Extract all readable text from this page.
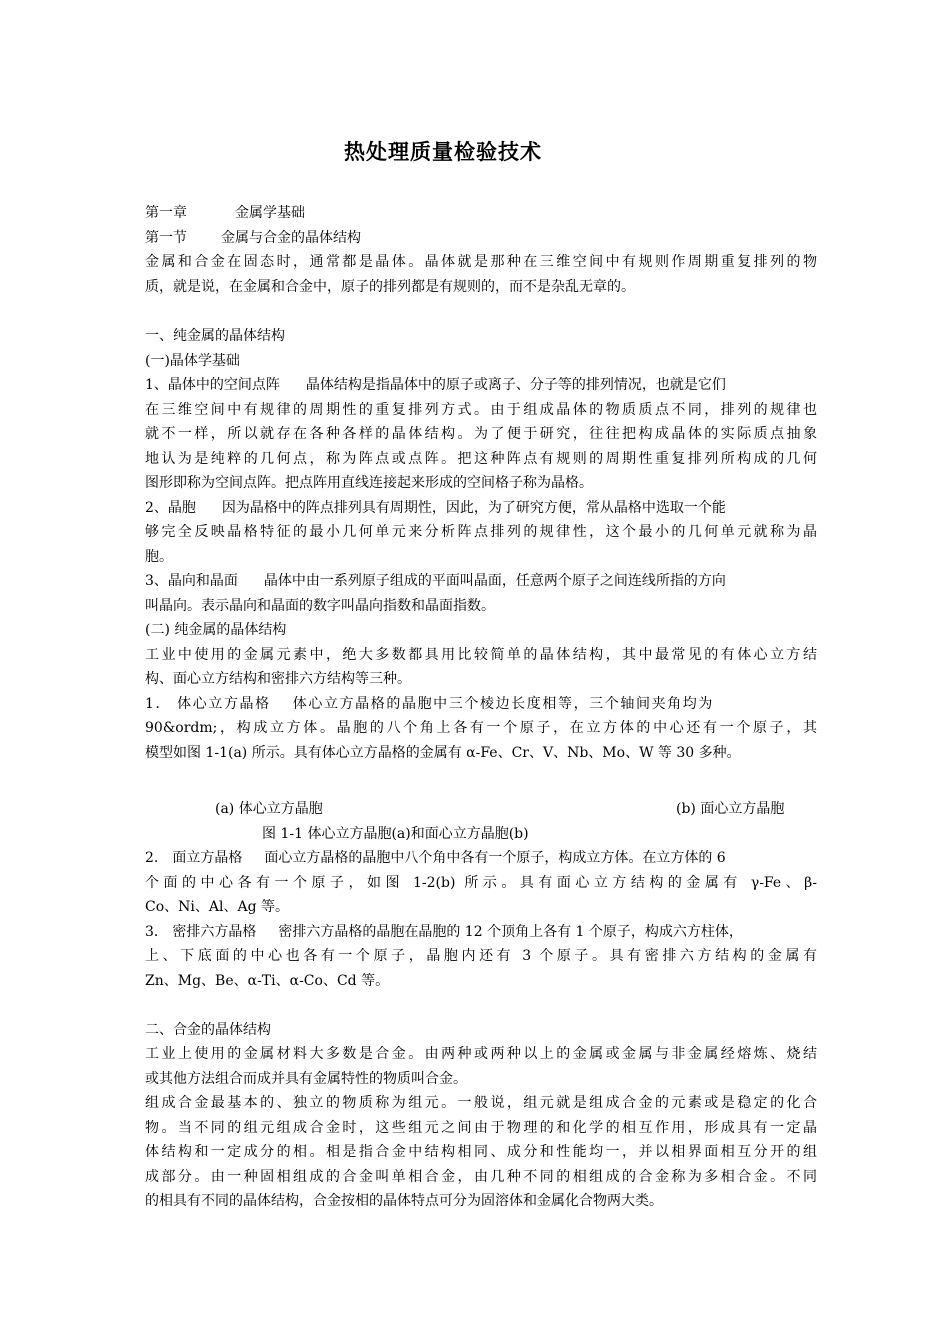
热处理质量检验技术
第一章	金属学基础
第一节 金属与合金的晶体结构
金属和合金在固态时，通常都是晶体。晶体就是那种在三维空间中有规则作周期重复排列的物
质，就是说，在金属和合金中，原子的排列都是有规则的，而不是杂乱无章的。
一、纯金属的晶体结构
(一)晶体学基础
1、晶体中的空间点阵 晶体结构是指晶体中的原子或离子、分子等的排列情况，也就是它们
在三维空间中有规律的周期性的重复排列方式。由于组成晶体的物质质点不同，排列的规律也
就不一样，所以就存在各种各样的晶体结构。为了便于研究，往往把构成晶体的实际质点抽象
地认为是纯粹的几何点，称为阵点或点阵。把这种阵点有规则的周期性重复排列所构成的几何
图形即称为空间点阵。把点阵用直线连接起来形成的空间格子称为晶格。
2、晶胞 因为晶格中的阵点排列具有周期性，因此，为了研究方便，常从晶格中选取一个能
够完全反映晶格特征的最小几何单元来分析阵点排列的规律性，这个最小的几何单元就称为晶
胞。
3、晶向和晶面 晶体中由一系列原子组成的平面叫晶面，任意两个原子之间连线所指的方向
叫晶向。表示晶向和晶面的数字叫晶向指数和晶面指数。
(二) 纯金属的晶体结构
工业中使用的金属元素中，绝大多数都具用比较简单的晶体结构，其中最常见的有体心立方结
构、面心立方结构和密排六方结构等三种。
1． 体心立方晶格 体心立方晶格的晶胞中三个棱边长度相等，三个轴间夹角均为
90&ordm;，构成立方体。晶胞的八个角上各有一个原子，在立方体的中心还有一个原子，其
模型如图 1-1(a) 所示。具有体心立方晶格的金属有 α-Fe、Cr、V、Nb、Mo、W 等 30 多种。
(a) 体心立方晶胞	(b) 面心立方晶胞
图 1-1 体心立方晶胞(a)和面心立方晶胞(b)
2． 面立方晶格 面心立方晶格的晶胞中八个角中各有一个原子，构成立方体。在立方体的 6
个面的中心各有一个原子，如图 1-2(b) 所示。具有面心立方结构的金属有 γ-Fe、β-
Co、Ni、Al、Ag 等。
3． 密排六方晶格 密排六方晶格的晶胞在晶胞的 12 个顶角上各有 1 个原子，构成六方柱体，
上、下底面的中心也各有一个原子，晶胞内还有 3 个原子。具有密排六方结构的金属有
Zn、Mg、Be、α-Ti、α-Co、Cd 等。
二、合金的晶体结构
工业上使用的金属材料大多数是合金。由两种或两种以上的金属或金属与非金属经熔炼、烧结
或其他方法组合而成并具有金属特性的物质叫合金。
组成合金最基本的、独立的物质称为组元。一般说，组元就是组成合金的元素或是稳定的化合
物。当不同的组元组成合金时，这些组元之间由于物理的和化学的相互作用，形成具有一定晶
体结构和一定成分的相。相是指合金中结构相同、成分和性能均一，并以相界面相互分开的组
成部分。由一种固相组成的合金叫单相合金，由几种不同的相组成的合金称为多相合金。不同
的相具有不同的晶体结构，合金按相的晶体特点可分为固溶体和金属化合物两大类。
